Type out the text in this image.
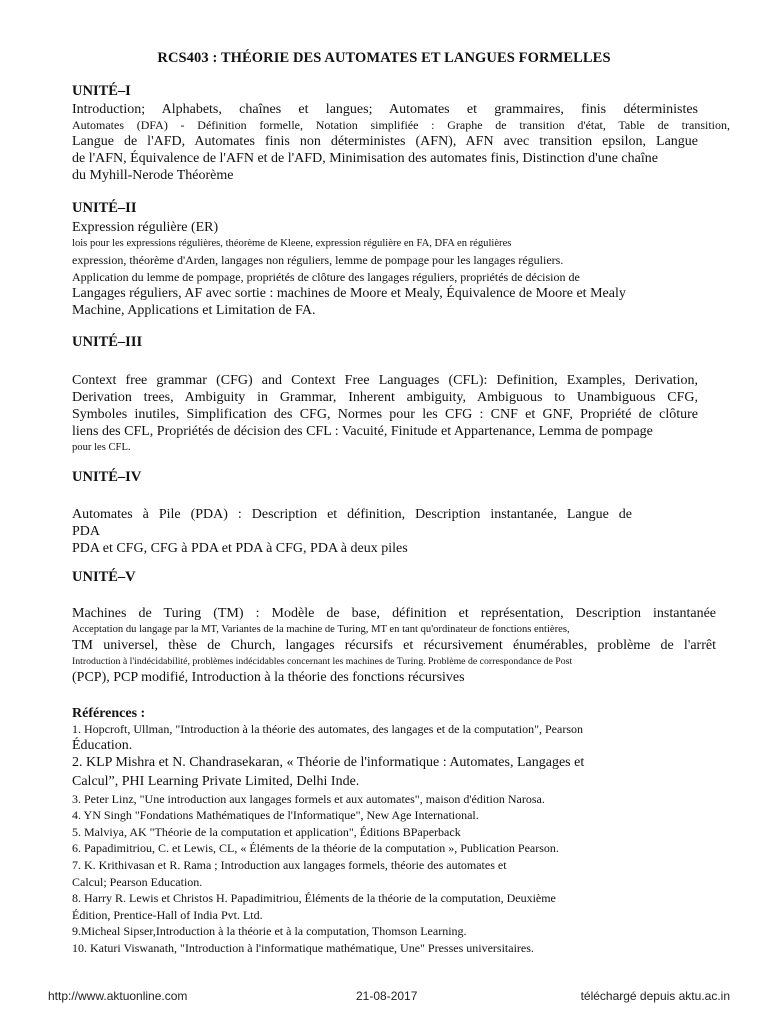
RCS403 : THÉORIE DES AUTOMATES ET LANGUES FORMELLES
UNITÉ–I
Introduction; Alphabets, chaînes et langues; Automates et grammaires, finis déterministes
Automates (DFA) - Définition formelle, Notation simplifiée : Graphe de transition d'état, Table de transition,
Langue de l'AFD, Automates finis non déterministes (AFN), AFN avec transition epsilon, Langue
de l'AFN, Équivalence de l'AFN et de l'AFD, Minimisation des automates finis, Distinction d'une chaîne
du Myhill-Nerode Théorème
UNITÉ–II
Expression régulière (ER)
lois pour les expressions régulières, théorème de Kleene, expression régulière en FA, DFA en régulières
expression, théorème d'Arden, langages non réguliers, lemme de pompage pour les langages réguliers.
Application du lemme de pompage, propriétés de clôture des langages réguliers, propriétés de décision de
Langages réguliers, AF avec sortie : machines de Moore et Mealy, Équivalence de Moore et Mealy
Machine, Applications et Limitation de FA.
UNITÉ–III
Context free grammar (CFG) and Context Free Languages (CFL): Definition, Examples, Derivation,
Derivation trees, Ambiguity in Grammar, Inherent ambiguity, Ambiguous to Unambiguous CFG,
Symboles inutiles, Simplification des CFG, Normes pour les CFG : CNF et GNF, Propriété de clôture
liens des CFL, Propriétés de décision des CFL : Vacuité, Finitude et Appartenance, Lemma de pompage
pour les CFL.
UNITÉ–IV
Automates à Pile (PDA) : Description et définition, Description instantanée, Langue de
PDA
PDA et CFG, CFG à PDA et PDA à CFG, PDA à deux piles
UNITÉ–V
Machines de Turing (TM) : Modèle de base, définition et représentation, Description instantanée
Acceptation du langage par la MT, Variantes de la machine de Turing, MT en tant qu'ordinateur de fonctions entières,
TM universel, thèse de Church, langages récursifs et récursivement énumérables, problème de l'arrêt
Introduction à l'indécidabilité, problèmes indécidables concernant les machines de Turing. Problème de correspondance de Post
(PCP), PCP modifié, Introduction à la théorie des fonctions récursives
Références :
1. Hopcroft, Ullman, "Introduction à la théorie des automates, des langages et de la computation", Pearson
Éducation.
2. KLP Mishra et N. Chandrasekaran, « Théorie de l'informatique : Automates, Langages et
Calcul”, PHI Learning Private Limited, Delhi Inde.
3. Peter Linz, "Une introduction aux langages formels et aux automates", maison d'édition Narosa.
4. YN Singh "Fondations Mathématiques de l'Informatique", New Age International.
5. Malviya, AK "Théorie de la computation et application", Éditions BPaperback
6. Papadimitriou, C. et Lewis, CL, « Éléments de la théorie de la computation », Publication Pearson.
7. K. Krithivasan et R. Rama ; Introduction aux langages formels, théorie des automates et
Calcul; Pearson Education.
8. Harry R. Lewis et Christos H. Papadimitriou, Éléments de la théorie de la computation, Deuxième
Édition, Prentice-Hall of India Pvt. Ltd.
9.Micheal Sipser,Introduction à la théorie et à la computation, Thomson Learning.
10. Katuri Viswanath, "Introduction à l'informatique mathématique, Une" Presses universitaires.
http://www.aktuonline.com	21-08-2017	téléchargé depuis aktu.ac.in
